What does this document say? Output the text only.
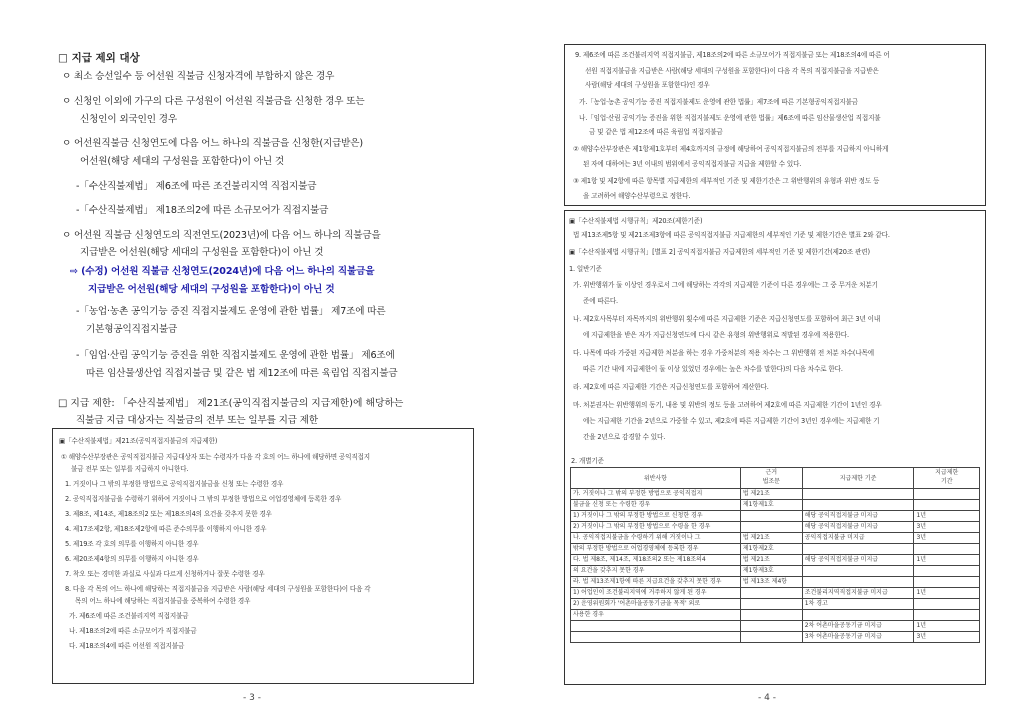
□ 지급 제외 대상
ㅇ 최소 승선일수 등 어선원 직불금 신청자격에 부합하지 않은 경우
ㅇ 신청인 이외에 가구의 다른 구성원이 어선원 직불금을 신청한 경우 또는
신청인이 외국인인 경우
ㅇ 어선원직불금 신청연도에 다음 어느 하나의 직불금을 신청한(지급받은)
어선원(해당 세대의 구성원을 포함한다)이 아닌 것
-「수산직불제법」 제6조에 따른 조건불리지역 직접지불금
-「수산직불제법」 제18조의2에 따른 소규모어가 직접지불금
ㅇ 어선원 직불금 신청연도의 직전연도(2023년)에 다음 어느 하나의 직불금을
지급받은 어선원(해당 세대의 구성원을 포함한다)이 아닌 것
⇨ (수정) 어선원 직불금 신청연도(2024년)에 다음 어느 하나의 직불금을
지급받은 어선원(해당 세대의 구성원을 포함한다)이 아닌 것
-「농업·농촌 공익기능 증진 직접지불제도 운영에 관한 법률」 제7조에 따른
기본형공익직접지불금
-「임업·산림 공익기능 증진을 위한 직접지불제도 운영에 관한 법률」 제6조에
따른 임산물생산업 직접지불금 및 같은 법 제12조에 따른 육림업 직접지불금
□ 지급 제한: 「수산직불제법」 제21조(공익직접지불금의 지급제한)에 해당하는
직불금 지급 대상자는 직불금의 전부 또는 일부를 지급 제한
▣「수산직불제법」제21조(공익직접지불금의 지급제한)
① 해양수산부장관은 공익직접지불금 지급대상자 또는 수령자가 다음 각 호의 어느 하나에 해당하면 공익직접지
불금 전부 또는 일부를 지급하지 아니한다.
1. 거짓이나 그 밖의 부정한 방법으로 공익직접지불금을 신청 또는 수령한 경우
2. 공익직접지불금을 수령하기 위하여 거짓이나 그 밖의 부정한 방법으로 어업경영체에 등록한 경우
3. 제8조, 제14조, 제18조의2 또는 제18조의4의 요건을 갖추지 못한 경우
4. 제17조제2항, 제18조제2항에 따른 준수의무를 이행하지 아니한 경우
5. 제19조 각 호의 의무를 이행하지 아니한 경우
6. 제20조제4항의 의무를 이행하지 아니한 경우
7. 착오 또는 경미한 과실로 사실과 다르게 신청하거나 잘못 수령한 경우
8. 다음 각 목의 어느 하나에 해당하는 직접지불금을 지급받은 사람(해당 세대의 구성원을 포함한다)이 다음 각
목의 어느 하나에 해당하는 직접지불금을 중복하여 수령한 경우
가. 제6조에 따른 조건불리지역 직접지불금
나. 제18조의2에 따른 소규모어가 직접지불금
다. 제18조의4에 따른 어선원 직접지불금
- 3 -
9. 제6조에 따른 조건불리지역 직접지불금, 제18조의2에 따른 소규모어가 직접지불금 또는 제18조의4에 따른 어
선원 직접지불금을 지급받은 사람(해당 세대의 구성원을 포함한다)이 다음 각 목의 직접지불금을 지급받은
사람(해당 세대의 구성원을 포함한다)인 경우
가.「농업·농촌 공익기능 증진 직접지불제도 운영에 관한 법률」제7조에 따른 기본형공익직접지불금
나.「임업·산림 공익기능 증진을 위한 직접지불제도 운영에 관한 법률」제6조에 따른 임산물생산업 직접지불
금 및 같은 법 제12조에 따른 육림업 직접지불금
② 해양수산부장관은 제1항제1호부터 제4호까지의 규정에 해당하여 공익직접지불금의 전부를 지급하지 아니하게
된 자에 대하여는 3년 이내의 범위에서 공익직접지불금 지급을 제한할 수 있다.
③ 제1항 및 제2항에 따른 항목별 지급제한의 세부적인 기준 및 제한기간은 그 위반행위의 유형과 위반 정도 등
을 고려하여 해양수산부령으로 정한다.
▣「수산직불제법 시행규칙」제20조(제한기준)
법 제13조제5항 및 제21조제3항에 따른 공익직접지불금 지급제한의 세부적인 기준 및 제한기간은 별표 2와 같다.
▣「수산직불제법 시행규칙」[별표 2] 공익직접지불금 지급제한의 세부적인 기준 및 제한기간(제20조 관련)
1. 일반기준
가. 위반행위가 둘 이상인 경우로서 그에 해당하는 각각의 지급제한 기준이 다른 경우에는 그 중 무거운 처분기
준에 따른다.
나. 제2호사목부터 자목까지의 위반행위 횟수에 따른 지급제한 기준은 지급신청연도를 포함하여 최근 3년 이내
에 지급제한을 받은 자가 지급신청연도에 다시 같은 유형의 위반행위로 적발된 경우에 적용한다.
다. 나목에 따라 가중된 지급제한 처분을 하는 경우 가중처분의 적용 차수는 그 위반행위 전 처분 차수(나목에
따른 기간 내에 지급제한이 둘 이상 있었던 경우에는 높은 차수를 말한다)의 다음 차수로 한다.
라. 제2호에 따른 지급제한 기간은 지급신청연도를 포함하여 계산한다.
마. 처분권자는 위반행위의 동기, 내용 및 위반의 정도 등을 고려하여 제2호에 따른 지급제한 기간이 1년인 경우
에는 지급제한 기간을 2년으로 가중할 수 있고, 제2호에 따른 지급제한 기간이 3년인 경우에는 지급제한 기
간을 2년으로 감경할 수 있다.
2. 개별기준
위반사항	근거
법조문	지급제한 기준	지급제한
기간
가. 거짓이나 그 밖의 부정한 방법으로 공익직접지	법 제21조		
불금을 신청 또는 수령한 경우	제1항제1호		
1) 거짓이나 그 밖의 부정한 방법으로 신청한 경우		해당 공익직접지불금 미지급	1년
2) 거짓이나 그 밖의 부정한 방법으로 수령을 한 경우		해당 공익직접지불금 미지급	3년
나. 공익직접지불금을 수령하기 위해 거짓이나 그	법 제21조	공익직접지불금 미지급	3년
밖의 부정한 방법으로 어업경영체에 등록한 경우	제1항제2호		
다. 법 제8조, 제14조, 제18조의2 또는 제18조의4	법 제21조	해당 공익직접지불금 미지급	1년
의 요건을 갖추지 못한 경우	제1항제3호		
라. 법 제13조제1항에 따른 지급요건을 갖추지 못한 경우	법 제13조 제4항		
1) 어업인이 조건불리지역에 거주하지 않게 된 경우		조건불리지역직접지불금 미지급	1년
2) 운영위원회가 '어촌마을공동기금을 목적' 외로		1차 경고	
사용한 경우			
		2차 어촌마을공동기금 미지급	1년
		3차 어촌마을공동기금 미지급	3년
- 4 -
